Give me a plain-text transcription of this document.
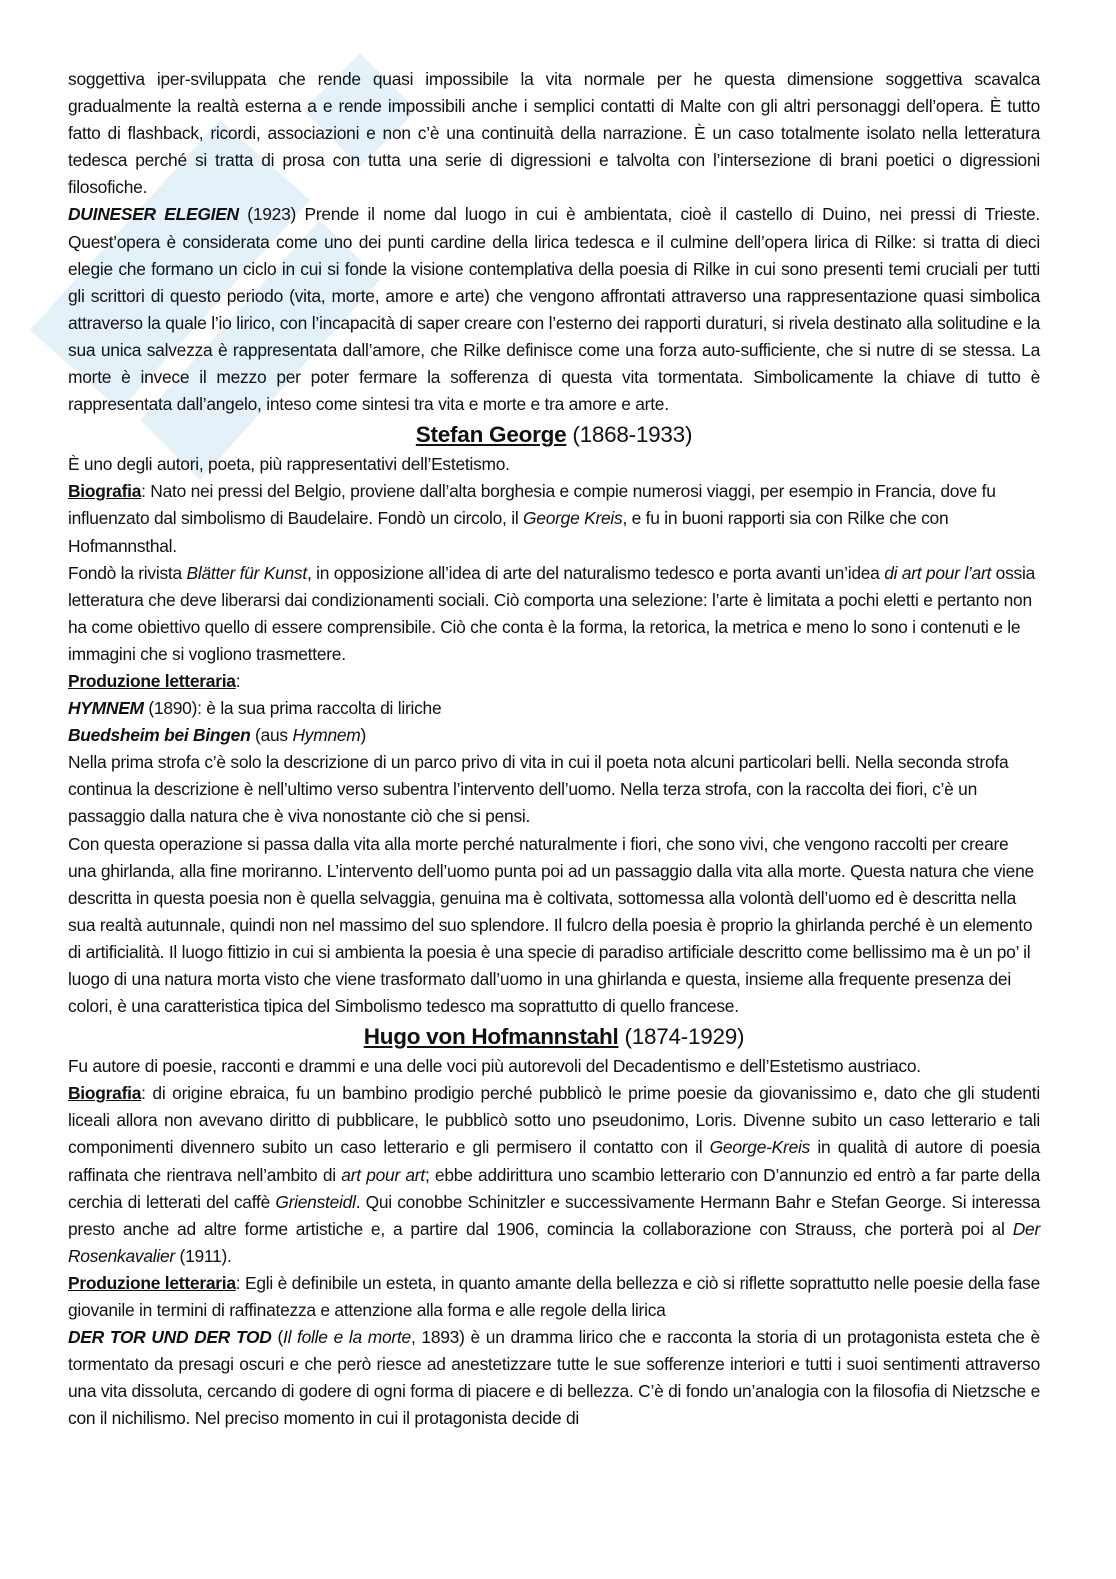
soggettiva iper-sviluppata che rende quasi impossibile la vita normale per he questa dimensione soggettiva scavalca gradualmente la realtà esterna a e rende impossibili anche i semplici contatti di Malte con gli altri personaggi dell’opera. È tutto fatto di flashback, ricordi, associazioni e non c’è una continuità della narrazione. È un caso totalmente isolato nella letteratura tedesca perché si tratta di prosa con tutta una serie di digressioni e talvolta con l’intersezione di brani poetici o digressioni filosofiche.

DUINESER ELEGIEN (1923) Prende il nome dal luogo in cui è ambientata, cioè il castello di Duino, nei pressi di Trieste. Quest’opera è considerata come uno dei punti cardine della lirica tedesca e il culmine dell’opera lirica di Rilke: si tratta di dieci elegie che formano un ciclo in cui si fonde la visione contemplativa della poesia di Rilke in cui sono presenti temi cruciali per tutti gli scrittori di questo periodo (vita, morte, amore e arte) che vengono affrontati attraverso una rappresentazione quasi simbolica attraverso la quale l’io lirico, con l’incapacità di saper creare con l’esterno dei rapporti duraturi, si rivela destinato alla solitudine e la sua unica salvezza è rappresentata dall’amore, che Rilke definisce come una forza auto-sufficiente, che si nutre di se stessa. La morte è invece il mezzo per poter fermare la sofferenza di questa vita tormentata. Simbolicamente la chiave di tutto è rappresentata dall’angelo, inteso come sintesi tra vita e morte e tra amore e arte.

Stefan George (1868-1933)

È uno degli autori, poeta, più rappresentativi dell’Estetismo.

Biografia: Nato nei pressi del Belgio, proviene dall’alta borghesia e compie numerosi viaggi, per esempio in Francia, dove fu influenzato dal simbolismo di Baudelaire. Fondò un circolo, il George Kreis, e fu in buoni rapporti sia con Rilke che con Hofmannsthal.

Fondò la rivista Blätter für Kunst, in opposizione all’idea di arte del naturalismo tedesco e porta avanti un’idea di art pour l’art ossia letteratura che deve liberarsi dai condizionamenti sociali. Ciò comporta una selezione: l’arte è limitata a pochi eletti e pertanto non ha come obiettivo quello di essere comprensibile. Ciò che conta è la forma, la retorica, la metrica e meno lo sono i contenuti e le immagini che si vogliono trasmettere.

Produzione letteraria:

HYMNEM (1890): è la sua prima raccolta di liriche

Buedsheim bei Bingen (aus Hymnem)

Nella prima strofa c’è solo la descrizione di un parco privo di vita in cui il poeta nota alcuni particolari belli. Nella seconda strofa continua la descrizione è nell’ultimo verso subentra l’intervento dell’uomo. Nella terza strofa, con la raccolta dei fiori, c’è un passaggio dalla natura che è viva nonostante ciò che si pensi.

Con questa operazione si passa dalla vita alla morte perché naturalmente i fiori, che sono vivi, che vengono raccolti per creare una ghirlanda, alla fine moriranno. L’intervento dell’uomo punta poi ad un passaggio dalla vita alla morte. Questa natura che viene descritta in questa poesia non è quella selvaggia, genuina ma è coltivata, sottomessa alla volontà dell’uomo ed è descritta nella sua realtà autunnale, quindi non nel massimo del suo splendore. Il fulcro della poesia è proprio la ghirlanda perché è un elemento di artificialità. Il luogo fittizio in cui si ambienta la poesia è una specie di paradiso artificiale descritto come bellissimo ma è un po’ il luogo di una natura morta visto che viene trasformato dall’uomo in una ghirlanda e questa, insieme alla frequente presenza dei colori, è una caratteristica tipica del Simbolismo tedesco ma soprattutto di quello francese.

Hugo von Hofmannstahl (1874-1929)

Fu autore di poesie, racconti e drammi e una delle voci più autorevoli del Decadentismo e dell’Estetismo austriaco.

Biografia: di origine ebraica, fu un bambino prodigio perché pubblicò le prime poesie da giovanissimo e, dato che gli studenti liceali allora non avevano diritto di pubblicare, le pubblicò sotto uno pseudonimo, Loris. Divenne subito un caso letterario e tali componimenti divennero subito un caso letterario e gli permisero il contatto con il George-Kreis in qualità di autore di poesia raffinata che rientrava nell’ambito di art pour art; ebbe addirittura uno scambio letterario con D’annunzio ed entrò a far parte della cerchia di letterati del caffè Griensteidl. Qui conobbe Schinitzler e successivamente Hermann Bahr e Stefan George. Si interessa presto anche ad altre forme artistiche e, a partire dal 1906, comincia la collaborazione con Strauss, che porterà poi al Der Rosenkavalier (1911).

Produzione letteraria: Egli è definibile un esteta, in quanto amante della bellezza e ciò si riflette soprattutto nelle poesie della fase giovanile in termini di raffinatezza e attenzione alla forma e alle regole della lirica

DER TOR UND DER TOD (Il folle e la morte, 1893) è un dramma lirico che e racconta la storia di un protagonista esteta che è tormentato da presagi oscuri e che però riesce ad anestetizzare tutte le sue sofferenze interiori e tutti i suoi sentimenti attraverso una vita dissoluta, cercando di godere di ogni forma di piacere e di bellezza. C’è di fondo un’analogia con la filosofia di Nietzsche e con il nichilismo. Nel preciso momento in cui il protagonista decide di
